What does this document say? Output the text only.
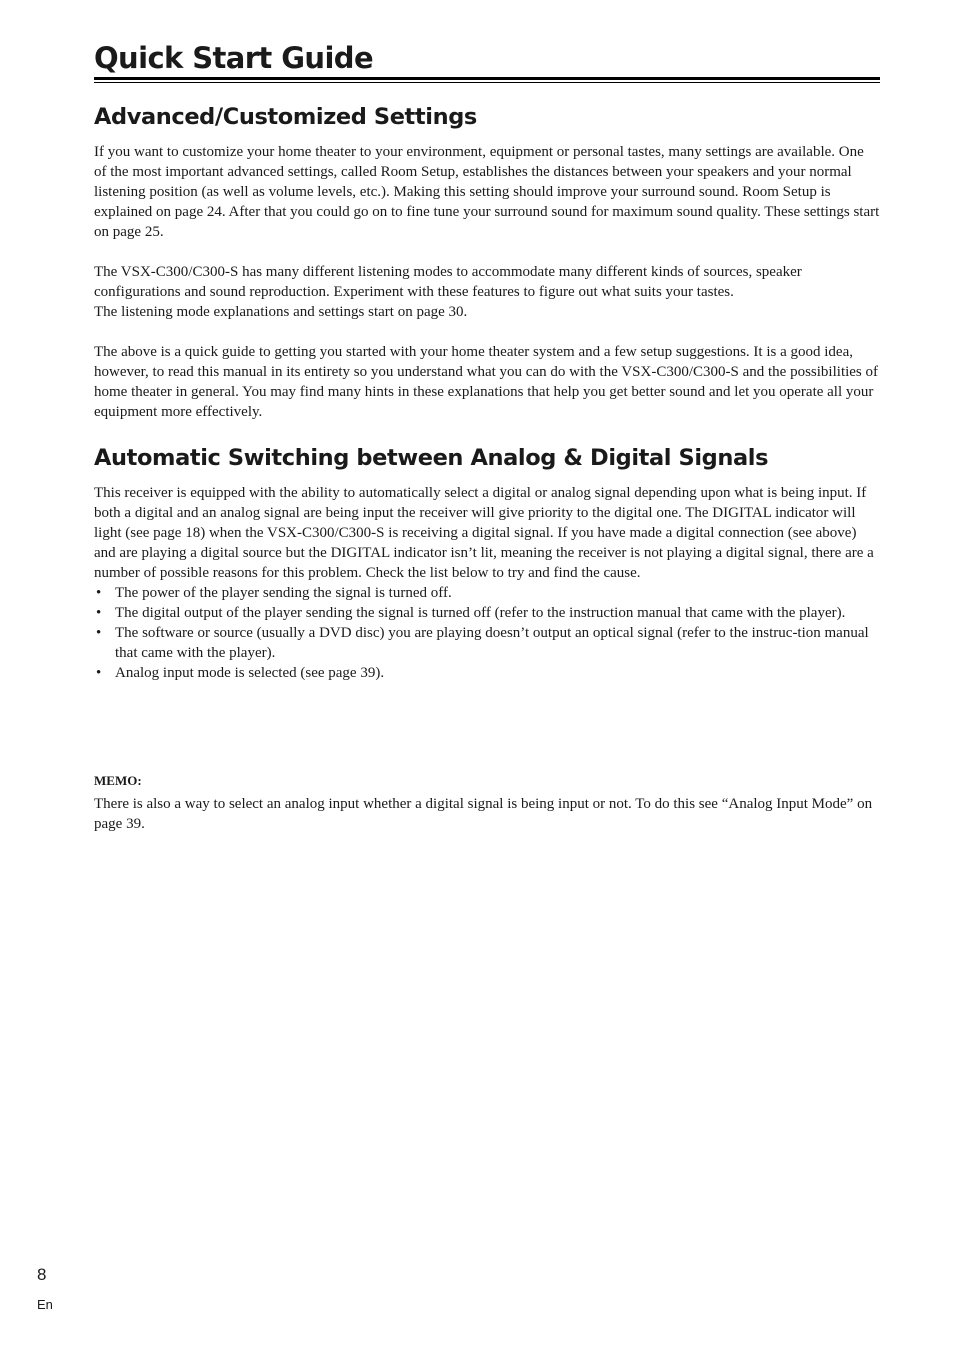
Quick Start Guide
Advanced/Customized Settings

If you want to customize your home theater to your environment, equipment or personal tastes, many settings are available. One of the most important advanced settings, called Room Setup, establishes the distances between your speakers and your normal listening position (as well as volume levels, etc.). Making this setting should improve your surround sound. Room Setup is explained on page 24. After that you could go on to fine tune your surround sound for maximum sound quality. These settings start on page 25.

The VSX-C300/C300-S has many different listening modes to accommodate many different kinds of sources, speaker configurations and sound reproduction. Experiment with these features to figure out what suits your tastes.

The listening mode explanations and settings start on page 30.

The above is a quick guide to getting you started with your home theater system and a few setup suggestions. It is a good idea, however, to read this manual in its entirety so you understand what you can do with the VSX-C300/C300-S and the possibilities of home theater in general. You may find many hints in these explanations that help you get better sound and let you operate all your equipment more effectively.

Automatic Switching between Analog & Digital Signals

This receiver is equipped with the ability to automatically select a digital or analog signal depending upon what is being input. If both a digital and an analog signal are being input the receiver will give priority to the digital one. The DIGITAL indicator will light (see page 18) when the VSX-C300/C300-S is receiving a digital signal. If you have made a digital connection (see above) and are playing a digital source but the DIGITAL indicator isn’t lit, meaning the receiver is not playing a digital signal, there are a number of possible reasons for this problem. Check the list below to try and find the cause.

• The power of the player sending the signal is turned off.
• The digital output of the player sending the signal is turned off (refer to the instruction manual that came with the player).
• The software or source (usually a DVD disc) you are playing doesn’t output an optical signal (refer to the instruc-tion manual that came with the player).
• Analog input mode is selected (see page 39).
MEMO:

There is also a way to select an analog input whether a digital signal is being input or not. To do this see “Analog Input Mode” on page 39.

8
En
